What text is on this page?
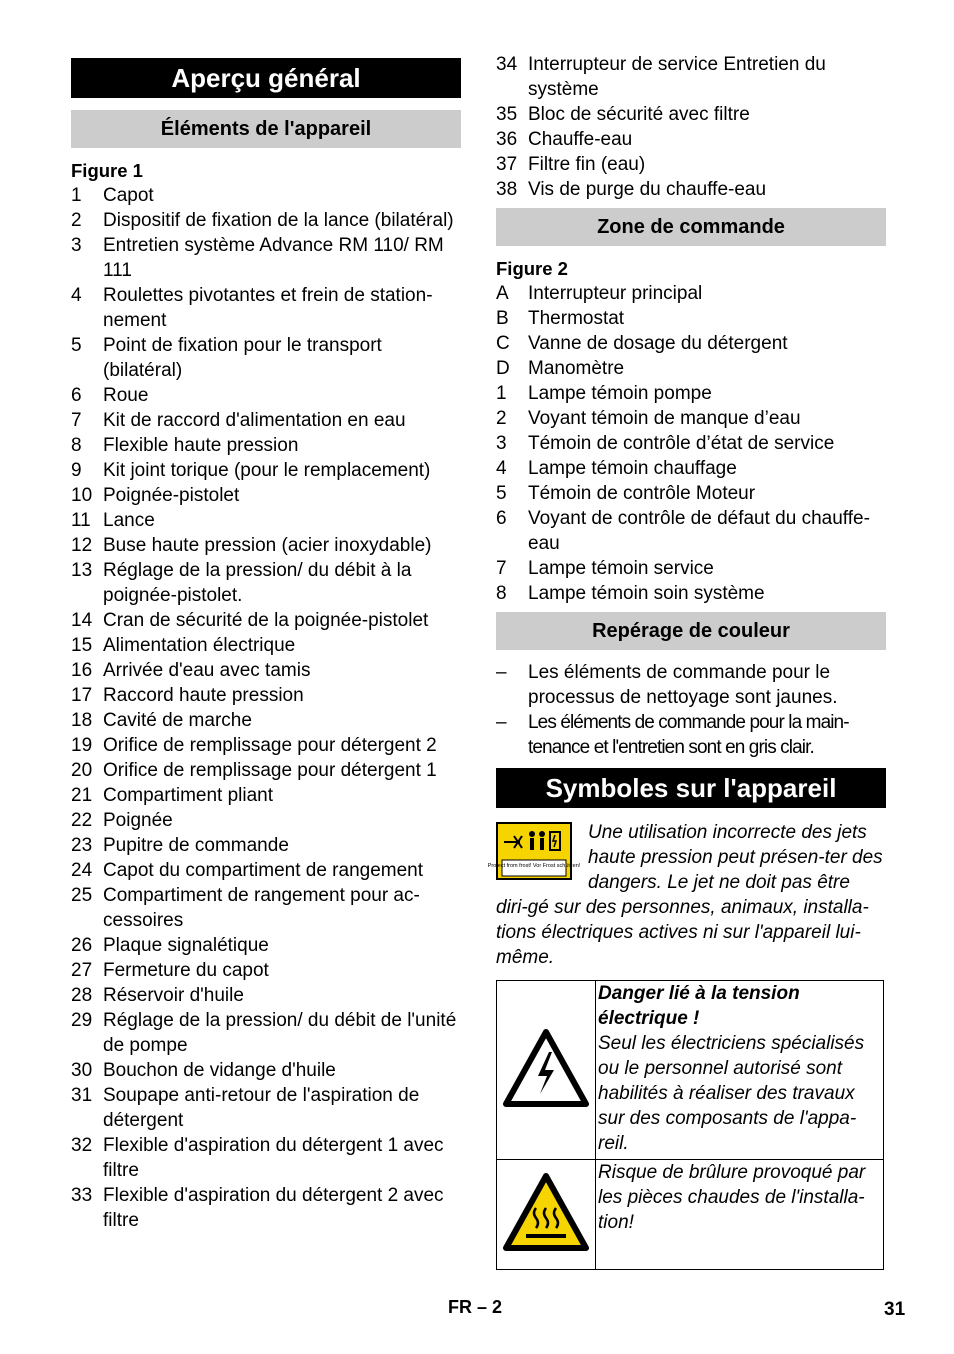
Aperçu général
Éléments de l'appareil
Figure 1
1	Capot
2	Dispositif de fixation de la lance (bilatéral)
3	Entretien système Advance RM 110/ RM 111
4	Roulettes pivotantes et frein de station-nement
5	Point de fixation pour le transport (bilatéral)
6	Roue
7	Kit de raccord d'alimentation en eau
8	Flexible haute pression
9	Kit joint torique (pour le remplacement)
10 Poignée-pistolet
11 Lance
12 Buse haute pression (acier inoxydable)
13 Réglage de la pression/ du débit à la poignée-pistolet.
14 Cran de sécurité de la poignée-pistolet
15 Alimentation électrique
16 Arrivée d'eau avec tamis
17 Raccord haute pression
18 Cavité de marche
19 Orifice de remplissage pour détergent 2
20 Orifice de remplissage pour détergent 1
21 Compartiment pliant
22 Poignée
23 Pupitre de commande
24 Capot du compartiment de rangement
25 Compartiment de rangement pour ac-cessoires
26 Plaque signalétique
27 Fermeture du capot
28 Réservoir d'huile
29 Réglage de la pression/ du débit de l'unité de pompe
30 Bouchon de vidange d'huile
31 Soupape anti-retour de l'aspiration de détergent
32 Flexible d'aspiration du détergent 1 avec filtre
33 Flexible d'aspiration du détergent 2 avec filtre
34 Interrupteur de service Entretien du système
35 Bloc de sécurité avec filtre
36 Chauffe-eau
37 Filtre fin (eau)
38 Vis de purge du chauffe-eau
Zone de commande
Figure 2
A	Interrupteur principal
B	Thermostat
C Vanne de dosage du détergent
D Manomètre
1	Lampe témoin pompe
2	Voyant témoin de manque d’eau
3	Témoin de contrôle d’état de service
4	Lampe témoin chauffage
5	Témoin de contrôle Moteur
6	Voyant de contrôle de défaut du chauffe-eau
7	Lampe témoin service
8	Lampe témoin soin système
Repérage de couleur
–	Les éléments de commande pour le processus de nettoyage sont jaunes.
–	Les éléments de commande pour la main-tenance et l'entretien sont en gris clair.
Symboles sur l'appareil
Protect from frost! Vor Frost schützen!
Une utilisation incorrecte des jets haute pression peut présen-ter des dangers. Le jet ne doit pas être diri-gé sur des personnes, animaux, installa-tions électriques actives ni sur l'appareil lui-même.

Danger lié à la tension électrique !
Seul les électriciens spécialisés ou le personnel autorisé sont habilités à réaliser des travaux sur des composants de l'appa-reil.

Risque de brûlure provoqué par les pièces chaudes de l'installa-tion!
FR – 2	31
